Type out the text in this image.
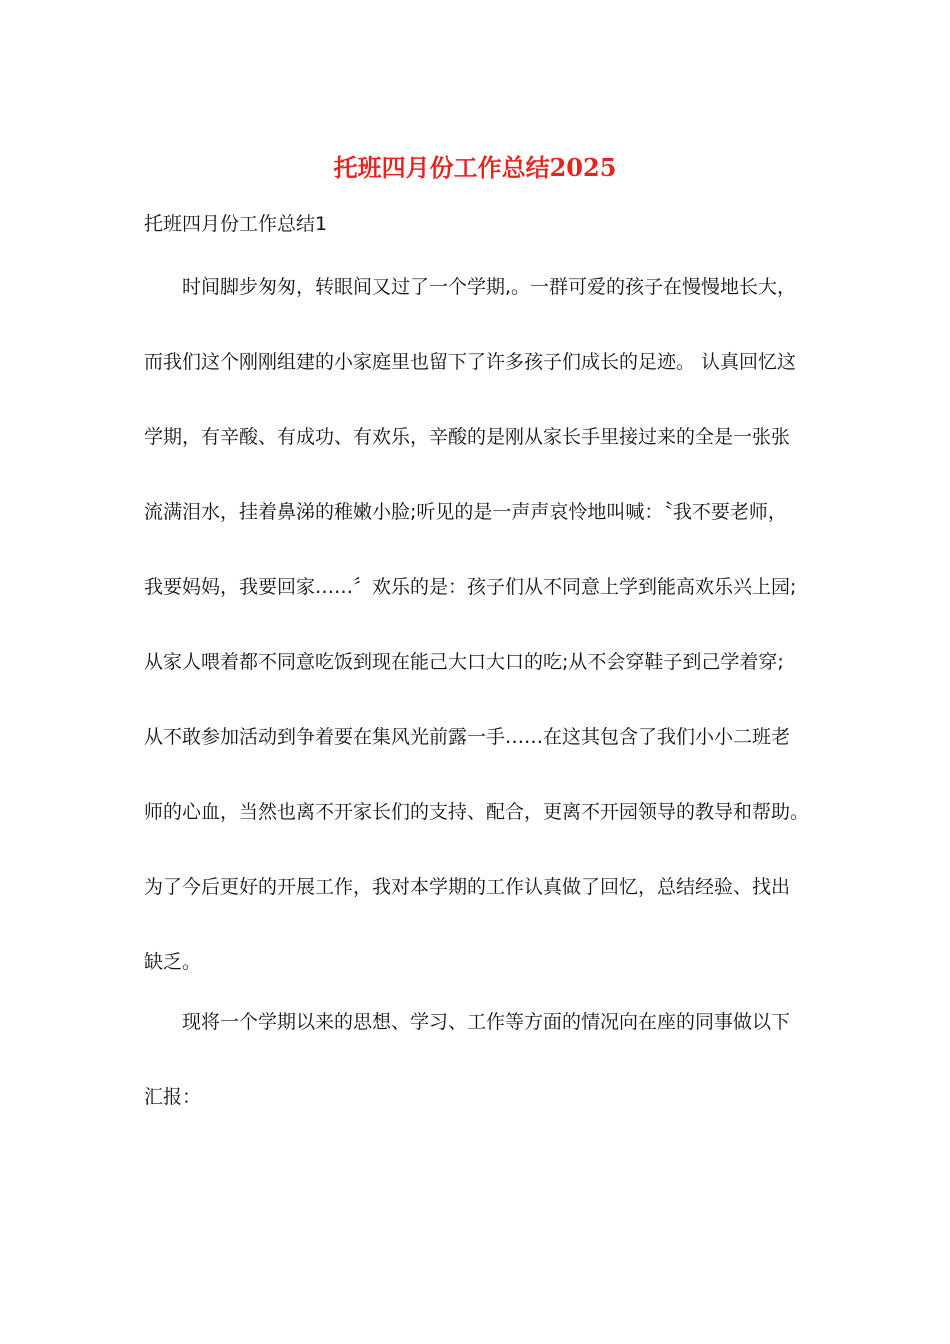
托班四月份工作总结2025
托班四月份工作总结1
时间脚步匆匆，转眼间又过了一个学期,。一群可爱的孩子在慢慢地长大，
而我们这个刚刚组建的小家庭里也留下了许多孩子们成长的足迹。 认真回忆这
学期，有辛酸、有成功、有欢乐，辛酸的是刚从家长手里接过来的全是一张张
流满泪水，挂着鼻涕的稚嫩小脸;听见的是一声声哀怜地叫喊：〝我不要老师，
我要妈妈，我要回家……〞欢乐的是：孩子们从不同意上学到能高欢乐兴上园;
从家人喂着都不同意吃饭到现在能己大口大口的吃;从不会穿鞋子到己学着穿;
从不敢参加活动到争着要在集风光前露一手……在这其包含了我们小小二班老
师的心血，当然也离不开家长们的支持、配合，更离不开园领导的教导和帮助。
为了今后更好的开展工作，我对本学期的工作认真做了回忆，总结经验、找出
缺乏。
现将一个学期以来的思想、学习、工作等方面的情况向在座的同事做以下
汇报：
